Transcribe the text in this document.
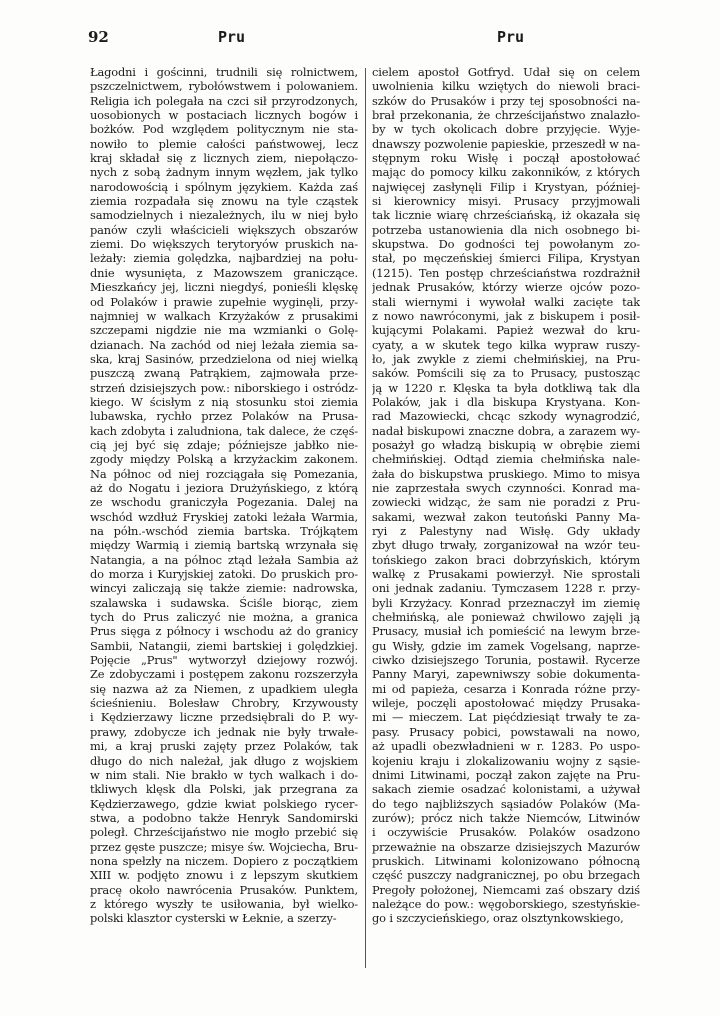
92	Pru	Pru
Łagodni i gościnni, trudnili się rolnictwem,
pszczelnictwem, rybołówstwem i polowaniem.
Religia ich polegała na czci sił przyrodzonych,
uosobionych w postaciach licznych bogów i
bożków. Pod względem politycznym nie sta-
nowiło to plemie całości państwowej, lecz
kraj składał się z licznych ziem, niepołączo-
nych z sobą żadnym innym węzłem, jak tylko
narodowością i spólnym językiem. Każda zaś
ziemia rozpadała się znowu na tyle cząstek
samodzielnych i niezależnych, ilu w niej było
panów czyli właścicieli większych obszarów
ziemi. Do większych terytoryów pruskich na-
leżały: ziemia golędzka, najbardziej na połu-
dnie wysunięta, z Mazowszem graniczące.
Mieszkańcy jej, liczni niegdyś, ponieśli klęskę
od Polaków i prawie zupełnie wyginęli, przy-
najmniej w walkach Krzyżaków z prusakimi
szczepami nigdzie nie ma wzmianki o Golę-
dzianach. Na zachód od niej leżała ziemia sa-
ska, kraj Sasinów, przedzielona od niej wielką
puszczą zwaną Patrąkiem, zajmowała prze-
strzeń dzisiejszych pow.: niborskiego i ostródz-
kiego. W ścisłym z nią stosunku stoi ziemia
lubawska, rychło przez Polaków na Prusa-
kach zdobyta i zaludniona, tak dalece, że częś-
cią jej być się zdaje; późniejsze jabłko nie-
zgody między Polską a krzyżackim zakonem.
Na północ od niej rozciągała się Pomezania,
aż do Nogatu i jeziora Drużyńskiego, z którą
ze wschodu graniczyła Pogezania. Dalej na
wschód wzdłuż Fryskiej zatoki leżała Warmia,
na półn.-wschód ziemia bartska. Trójkątem
między Warmią i ziemią bartską wrzynała się
Natangia, a na północ ztąd leżała Sambia aż
do morza i Kuryjskiej zatoki. Do pruskich pro-
wincyi zaliczają się także ziemie: nadrowska,
szalawska i sudawska. Ściśle biorąc, ziem
tych do Prus zaliczyć nie można, a granica
Prus sięga z północy i wschodu aż do granicy
Sambii, Natangii, ziemi bartskiej i golędzkiej.
Pojęcie „Prus" wytworzył dziejowy rozwój.
Ze zdobyczami i postępem zakonu rozszerzyła
się nazwa aż za Niemen, z upadkiem uległa
ścieśnieniu. Bolesław Chrobry, Krzywousty
i Kędzierzawy liczne przedsiębrali do P. wy-
prawy, zdobycze ich jednak nie były trwałe-
mi, a kraj pruski zajęty przez Polaków, tak
długo do nich należał, jak długo z wojskiem
w nim stali. Nie brakło w tych walkach i do-
tkliwych klęsk dla Polski, jak przegrana za
Kędzierzawego, gdzie kwiat polskiego rycer-
stwa, a podobno także Henryk Sandomirski
poległ. Chrześcijaństwo nie mogło przebić się
przez gęste puszcze; misye św. Wojciecha, Bru-
nona spełzły na niczem. Dopiero z początkiem
XIII w. podjęto znowu i z lepszym skutkiem
pracę około nawrócenia Prusaków. Punktem,
z którego wyszły te usiłowania, był wielko-
polski klasztor cysterski w Łeknie, a szerzy-
cielem apostoł Gotfryd. Udał się on celem
uwolnienia kilku wziętych do niewoli braci-
szków do Prusaków i przy tej sposobności na-
brał przekonania, że chrześcijaństwo znalazło-
by w tych okolicach dobre przyjęcie. Wyje-
dnawszy pozwolenie papieskie, przeszedł w na-
stępnym roku Wisłę i począł apostołować
mając do pomocy kilku zakonników, z których
najwięcej zasłynęli Filip i Krystyan, później-
si kierownicy misyi. Prusacy przyjmowali
tak licznie wiarę chrześciańską, iż okazała się
potrzeba ustanowienia dla nich osobnego bi-
skupstwa. Do godności tej powołanym zo-
stał, po męczeńskiej śmierci Filipa, Krystyan
(1215). Ten postęp chrześciaństwa rozdrażnił
jednak Prusaków, którzy wierze ojców pozo-
stali wiernymi i wywołał walki zacięte tak
z nowo nawróconymi, jak z biskupem i posił-
kującymi Polakami. Papież wezwał do kru-
cyaty, a w skutek tego kilka wypraw ruszy-
ło, jak zwykle z ziemi chełmińskiej, na Pru-
saków. Pomścili się za to Prusacy, pustosząc
ją w 1220 r. Klęska ta była dotkliwą tak dla
Polaków, jak i dla biskupa Krystyana. Kon-
rad Mazowiecki, chcąc szkody wynagrodzić,
nadał biskupowi znaczne dobra, a zarazem wy-
posażył go władzą biskupią w obrębie ziemi
chełmińskiej. Odtąd ziemia chełmińska nale-
żała do biskupstwa pruskiego. Mimo to misya
nie zaprzestała swych czynności. Konrad ma-
zowiecki widząc, że sam nie poradzi z Pru-
sakami, wezwał zakon teutoński Panny Ma-
ryi z Palestyny nad Wisłę. Gdy układy
zbyt długo trwały, zorganizował na wzór teu-
tońskiego zakon braci dobrzyńskich, którym
walkę z Prusakami powierzył. Nie sprostali
oni jednak zadaniu. Tymczasem 1228 r. przy-
byli Krzyżacy. Konrad przeznaczył im ziemię
chełmińską, ale ponieważ chwilowo zajęli ją
Prusacy, musiał ich pomieścić na lewym brze-
gu Wisły, gdzie im zamek Vogelsang, naprze-
ciwko dzisiejszego Torunia, postawił. Rycerze
Panny Maryi, zapewniwszy sobie dokumenta-
mi od papieża, cesarza i Konrada różne przy-
wileje, poczęli apostołować między Prusaka-
mi — mieczem. Lat pięćdziesiąt trwały te za-
pasy. Prusacy pobici, powstawali na nowo,
aż upadli obezwładnieni w r. 1283. Po uspo-
kojeniu kraju i zlokalizowaniu wojny z sąsie-
dnimi Litwinami, począł zakon zajęte na Pru-
sakach ziemie osadzać kolonistami, a używał
do tego najbliższych sąsiadów Polaków (Ma-
zurów); prócz nich także Niemców, Litwinów
i oczywiście Prusaków. Polaków osadzono
przeważnie na obszarze dzisiejszych Mazurów
pruskich. Litwinami kolonizowano północną
część puszczy nadgranicznej, po obu brzegach
Pregoły położonej, Niemcami zaś obszary dziś
należące do pow.: węgoborskiego, szestyńskie-
go i szczycieńskiego, oraz olsztynkowskiego,
